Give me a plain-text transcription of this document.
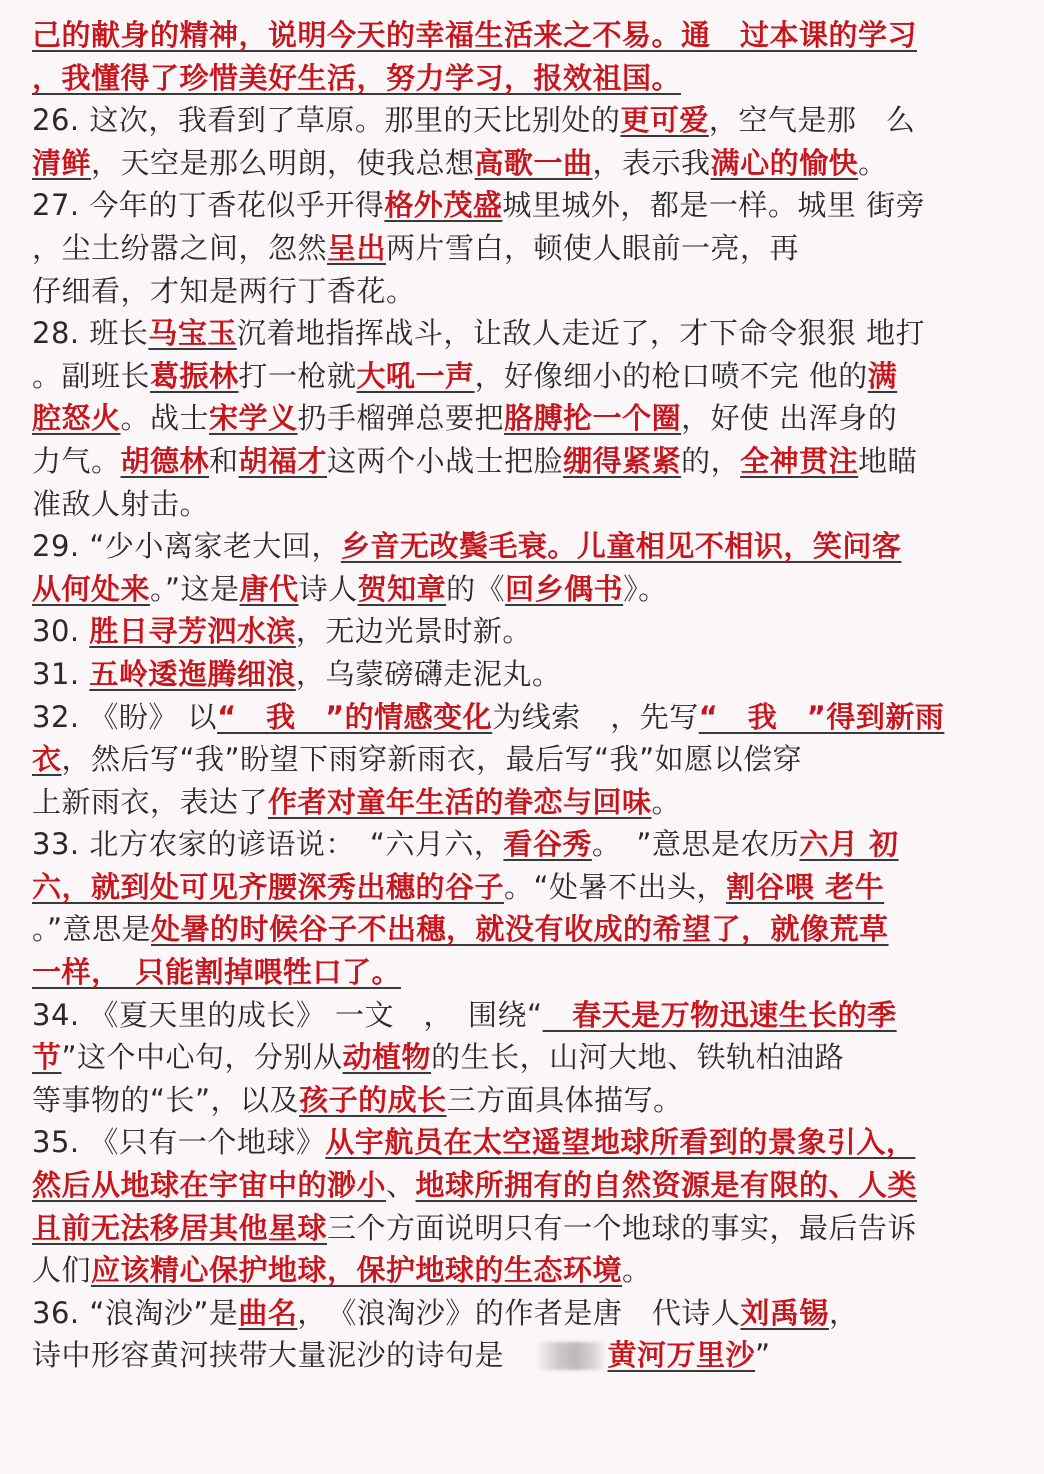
己的献身的精神，说明今天的幸福生活来之不易。通　过本课的学习
，我懂得了珍惜美好生活，努力学习，报效祖国。
26. 这次，我看到了草原。那里的天比别处的更可爱，空气是那　么
清鲜，天空是那么明朗，使我总想高歌一曲，表示我满心的愉快。
27. 今年的丁香花似乎开得格外茂盛城里城外，都是一样。城里 街旁
，尘土纷嚣之间，忽然呈出两片雪白，顿使人眼前一亮，再
仔细看，才知是两行丁香花。
28. 班长马宝玉沉着地指挥战斗，让敌人走近了，才下命令狠狠 地打
。副班长葛振林打一枪就大吼一声，好像细小的枪口喷不完 他的满
腔怒火。战士宋学义扔手榴弹总要把胳膊抡一个圈，好使 出浑身的
力气。胡德林和胡福才这两个小战士把脸绷得紧紧的，全神贯注地瞄
准敌人射击。
29. “少小离家老大回，乡音无改鬓毛衰。儿童相见不相识，笑问客
从何处来。”这是唐代诗人贺知章的《回乡偶书》。
30. 胜日寻芳泗水滨，无边光景时新。
31. 五岭逶迤腾细浪，乌蒙磅礴走泥丸。
32. 《盼》 以“　我　”的情感变化为线索　，先写“　我　”得到新雨
衣，然后写“我”盼望下雨穿新雨衣，最后写“我”如愿以偿穿
上新雨衣，表达了作者对童年生活的眷恋与回味。
33. 北方农家的谚语说：　“六月六，看谷秀。　”意思是农历六月 初
六，就到处可见齐腰深秀出穗的谷子。“处暑不出头，割谷喂 老牛
。”意思是处暑的时候谷子不出穗，就没有收成的希望了，就像荒草
一样，　只能割掉喂牲口了。
34. 《夏天里的成长》 一文　，　围绕“　春天是万物迅速生长的季
节”这个中心句，分别从动植物的生长，山河大地、铁轨柏油路
等事物的“长”，以及孩子的成长三方面具体描写。
35. 《只有一个地球》从宇航员在太空遥望地球所看到的景象引入，
然后从地球在宇宙中的渺小、地球所拥有的自然资源是有限的、人类
且前无法移居其他星球三个方面说明只有一个地球的事实，最后告诉
人们应该精心保护地球，保护地球的生态环境。
36. “浪淘沙”是曲名，　《浪淘沙》的作者是唐　代诗人刘禹锡，
诗中形容黄河挟带大量泥沙的诗句是　	黄河万里沙”
